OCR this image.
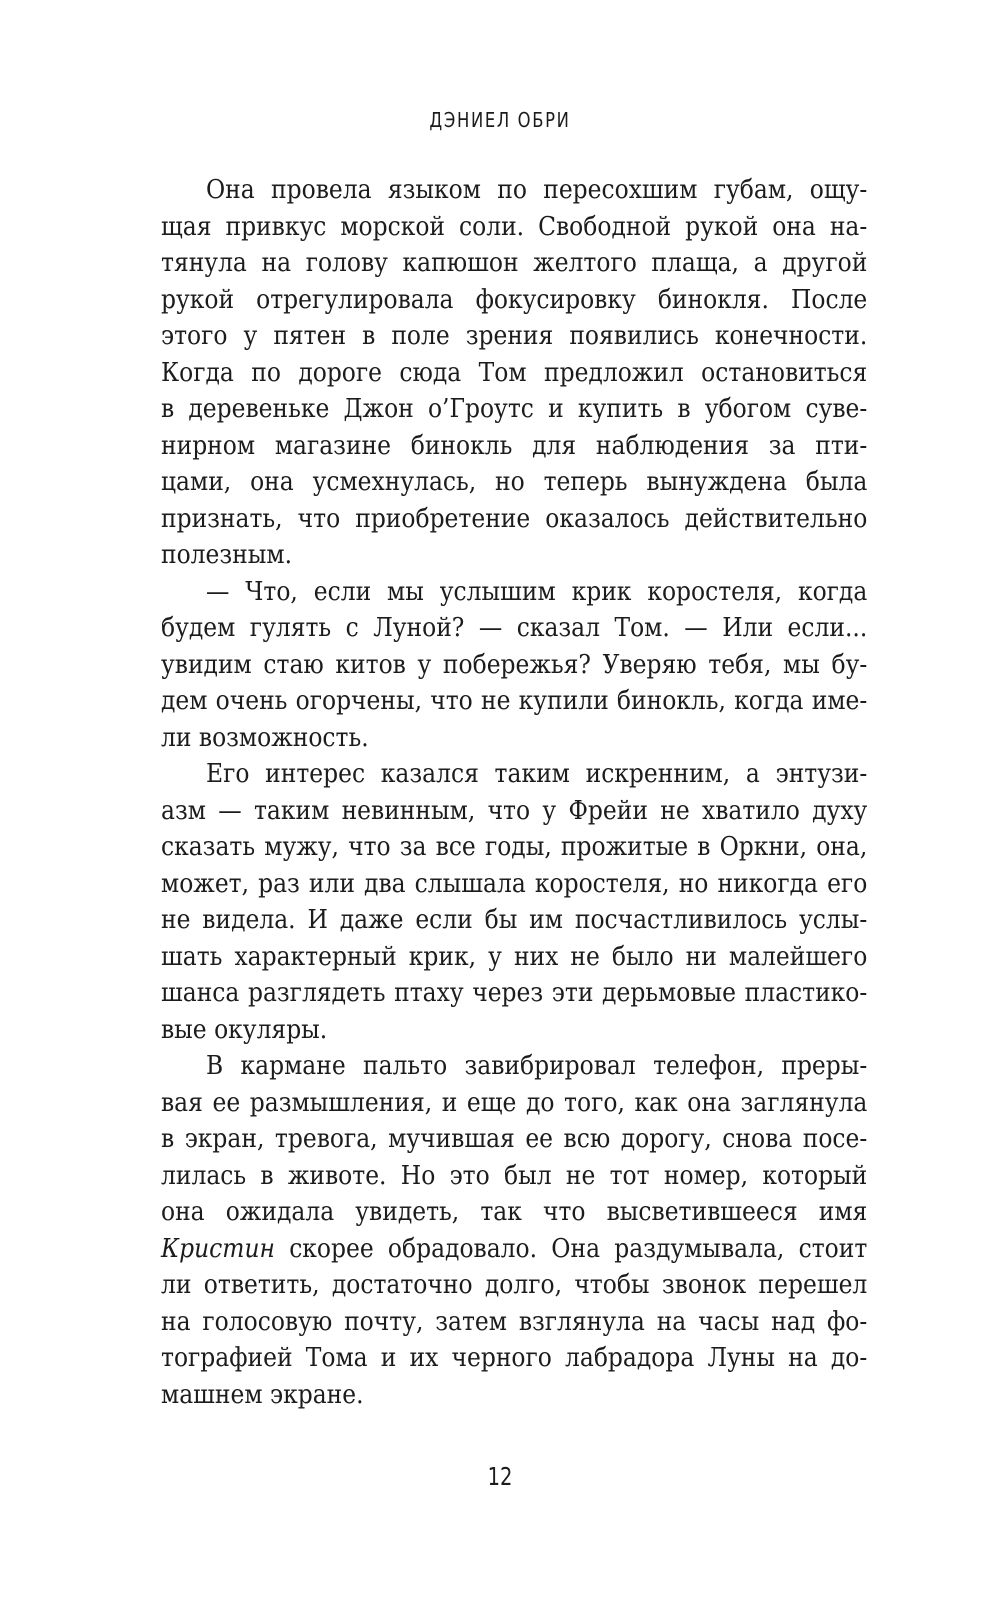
ДЭНИЕЛ ОБРИ
Она провела языком по пересохшим губам, ощу-
щая привкус морской соли. Свободной рукой она на-
тянула на голову капюшон желтого плаща, а другой
рукой отрегулировала фокусировку бинокля. После
этого у пятен в поле зрения появились конечности.
Когда по дороге сюда Том предложил остановиться
в деревеньке Джон о’Гроутс и купить в убогом суве-
нирном магазине бинокль для наблюдения за пти-
цами, она усмехнулась, но теперь вынуждена была
признать, что приобретение оказалось действительно
полезным.
— Что, если мы услышим крик коростеля, когда
будем гулять с Луной? — сказал Том. — Или если...
увидим стаю китов у побережья? Уверяю тебя, мы бу-
дем очень огорчены, что не купили бинокль, когда име-
ли возможность.
Его интерес казался таким искренним, а энтузи-
азм — таким невинным, что у Фрейи не хватило духу
сказать мужу, что за все годы, прожитые в Оркни, она,
может, раз или два слышала коростеля, но никогда его
не видела. И даже если бы им посчастливилось услы-
шать характерный крик, у них не было ни малейшего
шанса разглядеть птаху через эти дерьмовые пластико-
вые окуляры.
В кармане пальто завибрировал телефон, преры-
вая ее размышления, и еще до того, как она заглянула
в экран, тревога, мучившая ее всю дорогу, снова посе-
лилась в животе. Но это был не тот номер, который
она ожидала увидеть, так что высветившееся имя
Кристин скорее обрадовало. Она раздумывала, стоит
ли ответить, достаточно долго, чтобы звонок перешел
на голосовую почту, затем взглянула на часы над фо-
тографией Тома и их черного лабрадора Луны на до-
машнем экране.
12
